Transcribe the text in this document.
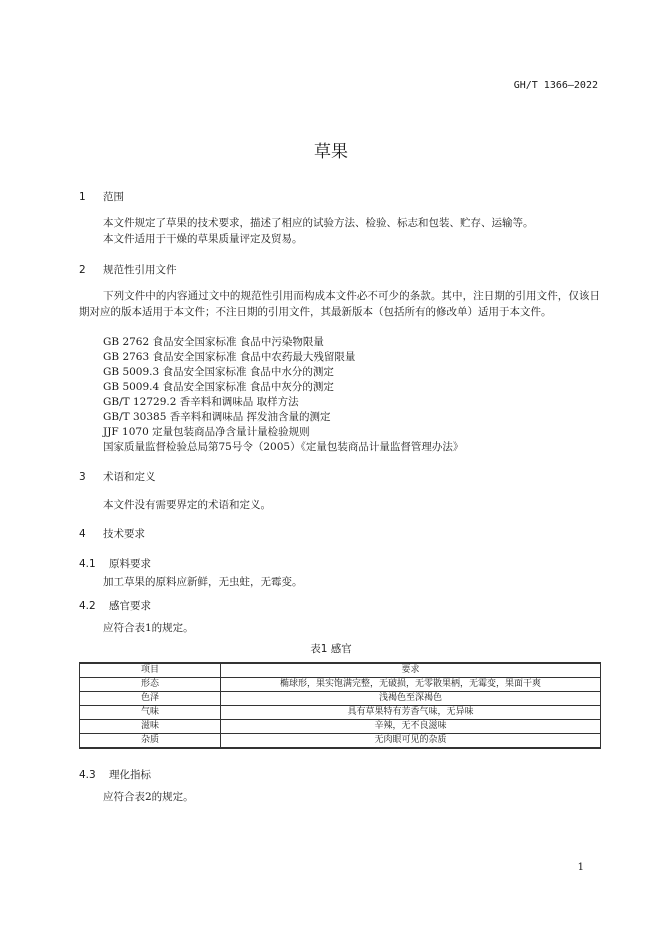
GH/T 1366—2022
草果
1 范围
本文件规定了草果的技术要求，描述了相应的试验方法、检验、标志和包装、贮存、运输等。
本文件适用于干燥的草果质量评定及贸易。
2 规范性引用文件
下列文件中的内容通过文中的规范性引用而构成本文件必不可少的条款。其中，注日期的引用文件，仅该日期对应的版本适用于本文件；不注日期的引用文件，其最新版本（包括所有的修改单）适用于本文件。
GB 2762 食品安全国家标准 食品中污染物限量
GB 2763 食品安全国家标准 食品中农药最大残留限量
GB 5009.3 食品安全国家标准 食品中水分的测定
GB 5009.4 食品安全国家标准 食品中灰分的测定
GB/T 12729.2 香辛料和调味品 取样方法
GB/T 30385 香辛料和调味品 挥发油含量的测定
JJF 1070 定量包装商品净含量计量检验规则
国家质量监督检验总局第75号令（2005）《定量包装商品计量监督管理办法》
3 术语和定义
本文件没有需要界定的术语和定义。
4 技术要求
4.1 原料要求
加工草果的原料应新鲜，无虫蛀，无霉变。
4.2 感官要求
应符合表1的规定。
表1 感官
项目	要求
形态	椭球形，果实饱满完整，无破损，无零散果柄，无霉变，果面干爽
色泽	浅褐色至深褐色
气味	具有草果特有芳香气味，无异味
滋味	辛辣，无不良滋味
杂质	无肉眼可见的杂质
4.3 理化指标
应符合表2的规定。
1
